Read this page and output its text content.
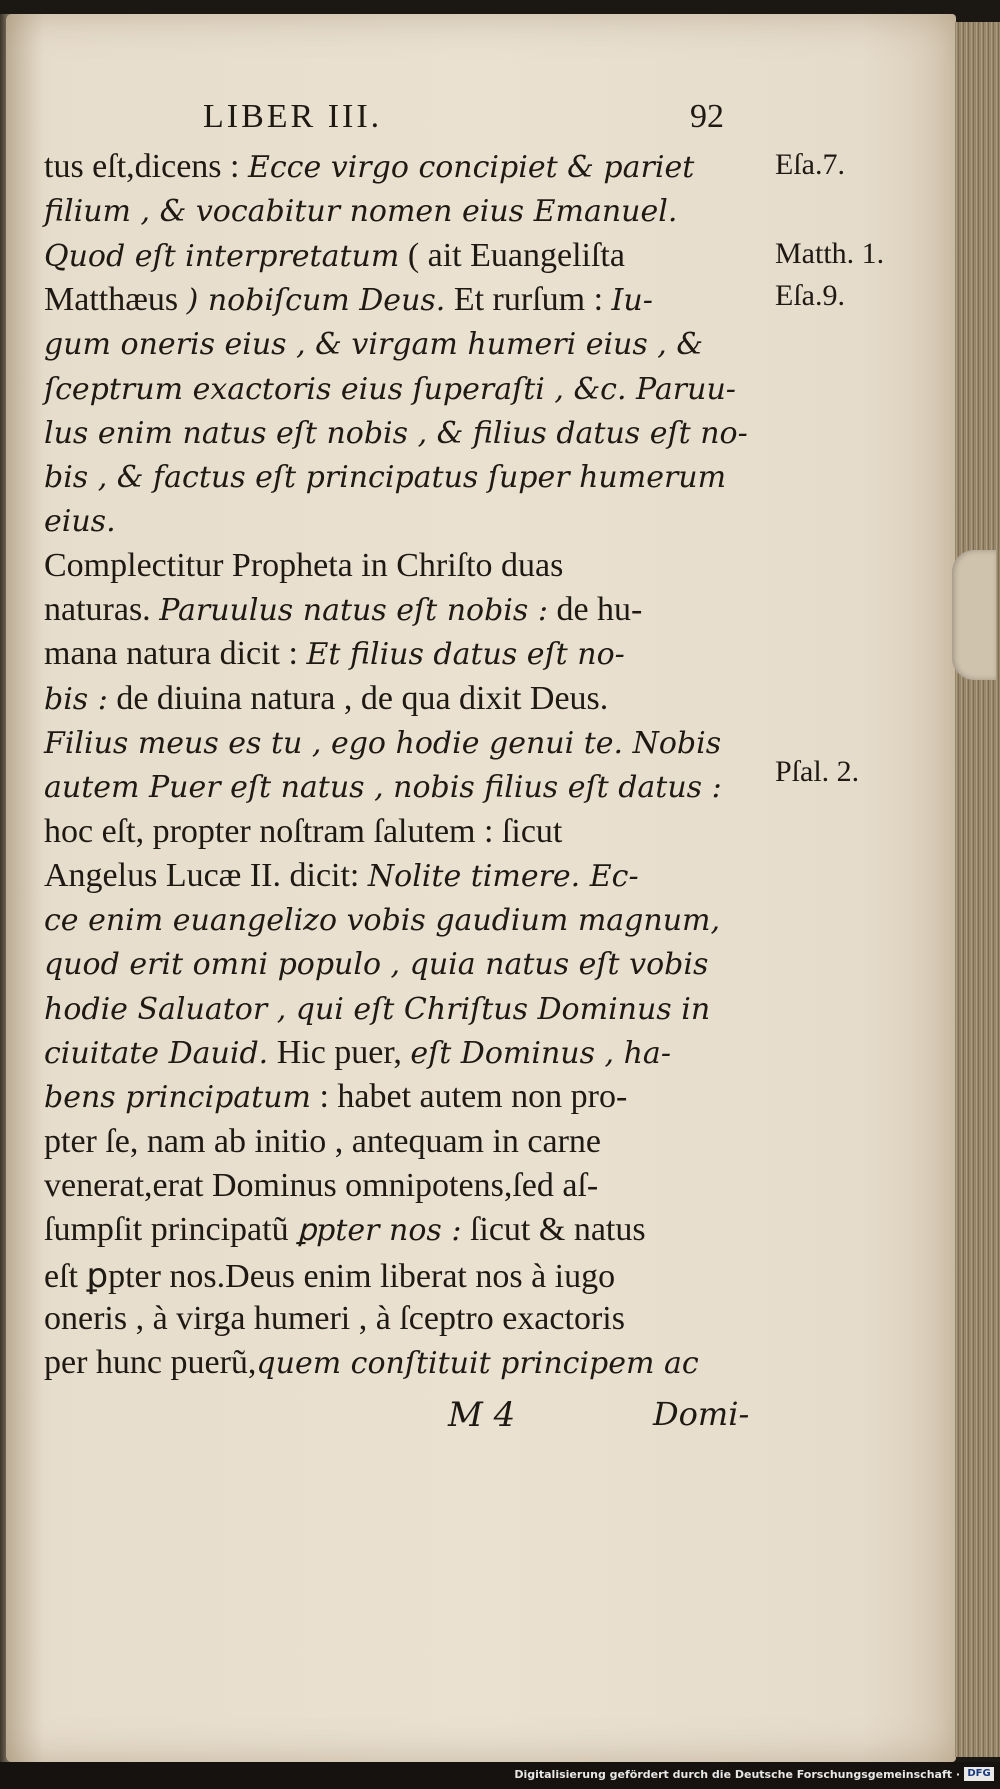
LIBER III.	92
tus eſt,dicens : Ecce virgo concipiet & pariet
filium , & vocabitur nomen eius Emanuel.
Quod eſt interpretatum ( ait Euangeliſta
Matthæus ) nobiſcum Deus. Et rurſum : Iu-
gum oneris eius , & virgam humeri eius , &
ſceptrum exactoris eius ſuperaſti , &c. Paruu-
lus enim natus eſt nobis , & filius datus eſt no-
bis , & factus eſt principatus ſuper humerum
eius.
Complectitur Propheta in Chriſto duas
naturas. Paruulus natus eſt nobis : de hu-
mana natura dicit : Et filius datus eſt no-
bis : de diuina natura , de qua dixit Deus.
Filius meus es tu , ego hodie genui te. Nobis
autem Puer eſt natus , nobis filius eſt datus :
hoc eſt, propter noſtram ſalutem : ſicut
Angelus Lucæ II. dicit: Nolite timere. Ec-
ce enim euangelizo vobis gaudium magnum,
quod erit omni populo , quia natus eſt vobis
hodie Saluator , qui eſt Chriſtus Dominus in
ciuitate Dauid. Hic puer, eſt Dominus , ha-
bens principatum : habet autem non pro-
pter ſe, nam ab initio , antequam in carne
venerat,erat Dominus omnipotens,ſed aſ-
ſumpſit principatũ ꝑpter nos : ſicut & natus
eſt ꝑpter nos.Deus enim liberat nos à iugo
oneris , à virga humeri , à ſceptro exactoris
per hunc puerũ,quem conſtituit principem ac
Eſa.7.
Matth. 1.
Eſa.9.
Pſal. 2.
M 4	Domi-
Digitalisierung gefördert durch die Deutsche Forschungsgemeinschaft · DFG
